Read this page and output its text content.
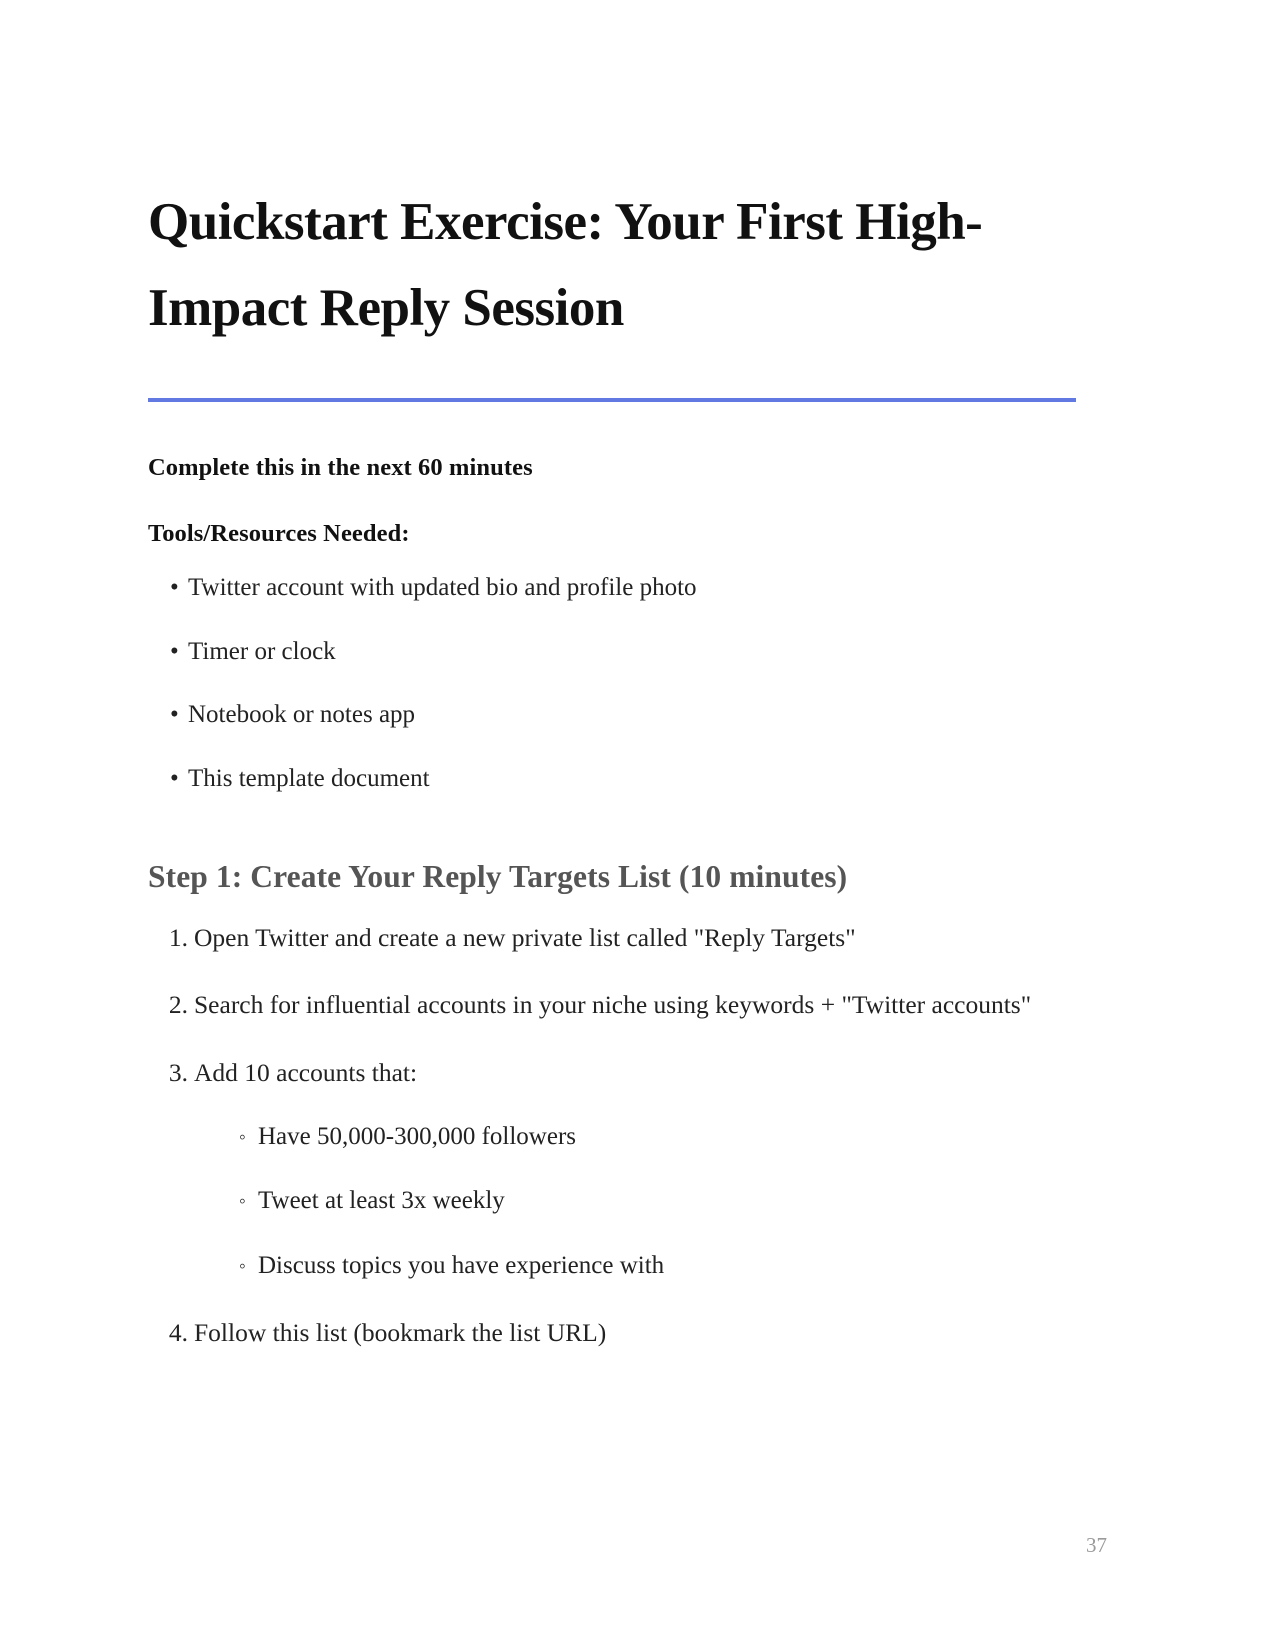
Quickstart Exercise: Your First High-Impact Reply Session

Complete this in the next 60 minutes

Tools/Resources Needed:

• Twitter account with updated bio and profile photo
• Timer or clock
• Notebook or notes app
• This template document
Step 1: Create Your Reply Targets List (10 minutes)
1. Open Twitter and create a new private list called "Reply Targets"
2. Search for influential accounts in your niche using keywords + "Twitter accounts"
3. Add 10 accounts that:
◦ Have 50,000-300,000 followers
◦ Tweet at least 3x weekly
◦ Discuss topics you have experience with
4. Follow this list (bookmark the list URL)
37
